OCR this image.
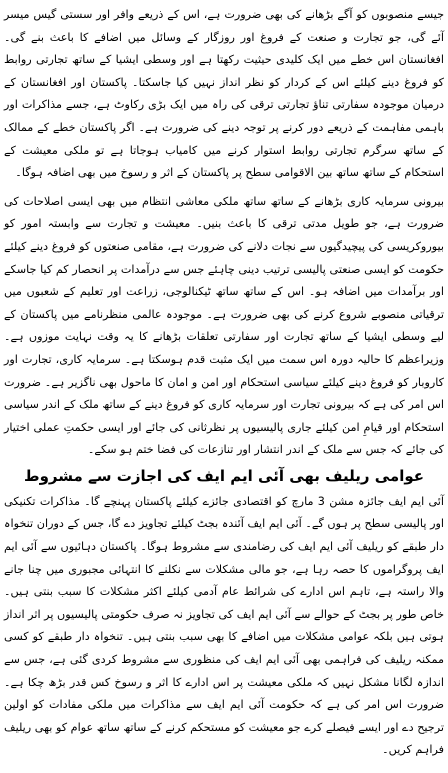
جیسے منصوبوں کو آگے بڑھانے کی بھی ضرورت ہے، اس کے ذریعے وافر اور سستی گیس میسر آئے گی، جو تجارت و صنعت کے فروغ اور روزگار کے وسائل میں اضافے کا باعث بنے گی۔ افغانستان اس خطے میں ایک کلیدی حیثیت رکھتا ہے اور وسطی ایشیا کے ساتھ تجارتی روابط کو فروغ دینے کیلئے اس کے کردار کو نظر انداز نہیں کیا جاسکتا۔ پاکستان اور افغانستان کے درمیان موجودہ سفارتی تناؤ تجارتی ترقی کی راہ میں ایک بڑی رکاوٹ ہے، جسے مذاکرات اور باہمی مفاہمت کے ذریعے دور کرنے پر توجہ دینے کی ضرورت ہے۔ اگر پاکستان خطے کے ممالک کے ساتھ سرگرم تجارتی روابط استوار کرنے میں کامیاب ہوجاتا ہے تو ملکی معیشت کے استحکام کے ساتھ ساتھ بین الاقوامی سطح پر پاکستان کے اثر و رسوخ میں بھی اضافہ ہوگا۔

بیرونی سرمایہ کاری بڑھانے کے ساتھ ساتھ ملکی معاشی انتظام میں بھی ایسی اصلاحات کی ضرورت ہے، جو طویل مدتی ترقی کا باعث بنیں۔ معیشت و تجارت سے وابستہ امور کو بیوروکریسی کی پیچیدگیوں سے نجات دلانے کی ضرورت ہے، مقامی صنعتوں کو فروغ دینے کیلئے حکومت کو ایسی صنعتی پالیسی ترتیب دینی چاہئے جس سے درآمدات پر انحصار کم کیا جاسکے اور برآمدات میں اضافہ ہو۔ اس کے ساتھ ساتھ ٹیکنالوجی، زراعت اور تعلیم کے شعبوں میں ترقیاتی منصوبے شروع کرنے کی بھی ضرورت ہے۔ موجودہ عالمی منظرنامے میں پاکستان کے لیے وسطی ایشیا کے ساتھ تجارت اور سفارتی تعلقات بڑھانے کا یہ وقت نہایت موزوں ہے۔ وزیراعظم کا حالیہ دورہ اس سمت میں ایک مثبت قدم ہوسکتا ہے۔ سرمایہ کاری، تجارت اور کاروبار کو فروغ دینے کیلئے سیاسی استحکام اور امن و امان کا ماحول بھی ناگزیر ہے۔ ضرورت اس امر کی ہے کہ بیرونی تجارت اور سرمایہ کاری کو فروغ دینے کے ساتھ ملک کے اندر سیاسی استحکام اور قیامِ امن کیلئے جاری پالیسیوں پر نظرثانی کی جائے اور ایسی حکمتِ عملی اختیار کی جائے کہ جس سے ملک کے اندر انتشار اور تنازعات کی فضا ختم ہو سکے۔

عوامی ریلیف بھی آئی ایم ایف کی اجازت سے مشروط

آئی ایم ایف جائزہ مشن 3 مارچ کو اقتصادی جائزے کیلئے پاکستان پہنچے گا۔ مذاکرات تکنیکی اور پالیسی سطح پر ہوں گے۔ آئی ایم ایف آئندہ بجٹ کیلئے تجاویز دے گا، جس کے دوران تنخواہ دار طبقے کو ریلیف آئی ایم ایف کی رضامندی سے مشروط ہوگا۔ پاکستان دہائیوں سے آئی ایم ایف پروگراموں کا حصہ رہا ہے، جو مالی مشکلات سے نکلنے کا انتہائی مجبوری میں چنا جانے والا راستہ ہے، تاہم اس ادارے کی شرائط عام آدمی کیلئے اکثر مشکلات کا سبب بنتی ہیں۔ خاص طور پر بجٹ کے حوالے سے آئی ایم ایف کی تجاویز نہ صرف حکومتی پالیسیوں پر اثر انداز ہوتی ہیں بلکہ عوامی مشکلات میں اضافے کا بھی سبب بنتی ہیں۔ تنخواہ دار طبقے کو کسی ممکنہ ریلیف کی فراہمی بھی آئی ایم ایف کی منظوری سے مشروط کردی گئی ہے، جس سے اندازہ لگانا مشکل نہیں کہ ملکی معیشت پر اس ادارے کا اثر و رسوخ کس قدر بڑھ چکا ہے۔ ضرورت اس امر کی ہے کہ حکومت آئی ایم ایف سے مذاکرات میں ملکی مفادات کو اولین ترجیح دے اور ایسے فیصلے کرے جو معیشت کو مستحکم کرنے کے ساتھ ساتھ عوام کو بھی ریلیف فراہم کریں۔
